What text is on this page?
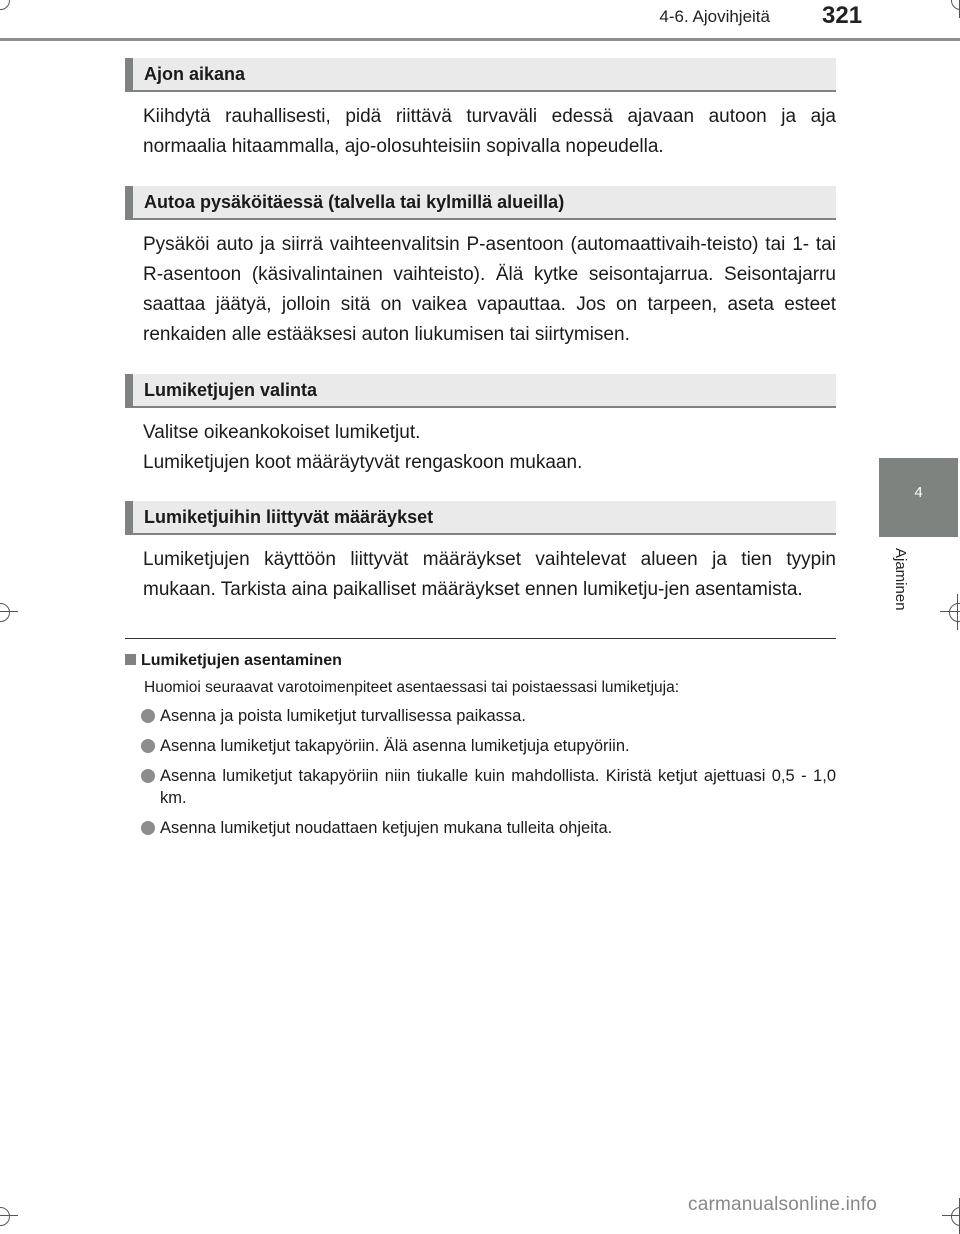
4-6. Ajovihjeitä 321
4
Ajaminen
Ajon aikana
Kiihdytä rauhallisesti, pidä riittävä turvaväli edessä ajavaan autoon ja aja normaalia hitaammalla, ajo-olosuhteisiin sopivalla nopeudella.
Autoa pysäköitäessä (talvella tai kylmillä alueilla)
Pysäköi auto ja siirrä vaihteenvalitsin P-asentoon (automaattivaih-teisto) tai 1- tai R-asentoon (käsivalintainen vaihteisto). Älä kytke seisontajarrua. Seisontajarru saattaa jäätyä, jolloin sitä on vaikea vapauttaa. Jos on tarpeen, aseta esteet renkaiden alle estääksesi auton liukumisen tai siirtymisen.
Lumiketjujen valinta
Valitse oikeankokoiset lumiketjut.
Lumiketjujen koot määräytyvät rengaskoon mukaan.
Lumiketjuihin liittyvät määräykset
Lumiketjujen käyttöön liittyvät määräykset vaihtelevat alueen ja tien tyypin mukaan. Tarkista aina paikalliset määräykset ennen lumiketju-jen asentamista.
Lumiketjujen asentaminen
Huomioi seuraavat varotoimenpiteet asentaessasi tai poistaessasi lumiketjuja:
Asenna ja poista lumiketjut turvallisessa paikassa.
Asenna lumiketjut takapyöriin. Älä asenna lumiketjuja etupyöriin.
Asenna lumiketjut takapyöriin niin tiukalle kuin mahdollista. Kiristä ketjut ajettuasi 0,5 - 1,0 km.
Asenna lumiketjut noudattaen ketjujen mukana tulleita ohjeita.
carmanualsonline.info
